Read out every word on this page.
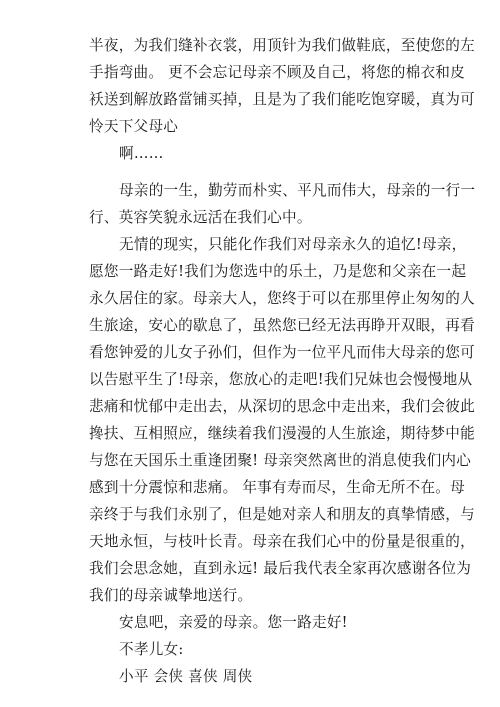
半夜，为我们缝补衣裳，用顶针为我们做鞋底，至使您的左
手指弯曲。 更不会忘记母亲不顾及自己，将您的棉衣和皮
袄送到解放路當铺买掉，且是为了我们能吃饱穿暖，真为可
怜天下父母心
啊……
母亲的一生，勤劳而朴实、平凡而伟大，母亲的一行一
行、英容笑貌永远活在我们心中。
无情的现实，只能化作我们对母亲永久的追忆!母亲，
愿您一路走好!我们为您选中的乐土，乃是您和父亲在一起
永久居住的家。母亲大人，您终于可以在那里停止匆匆的人
生旅途，安心的歇息了，虽然您已经无法再睁开双眼，再看
看您钟爱的儿女子孙们，但作为一位平凡而伟大母亲的您可
以告慰平生了!母亲，您放心的走吧!我们兄妹也会慢慢地从
悲痛和忧郁中走出去，从深切的思念中走出来，我们会彼此
搀扶、互相照应，继续着我们漫漫的人生旅途，期待梦中能
与您在天国乐土重逢团聚! 母亲突然离世的消息使我们内心
感到十分震惊和悲痛。 年事有寿而尽，生命无所不在。母
亲终于与我们永别了，但是她对亲人和朋友的真挚情感，与
天地永恒，与枝叶长青。母亲在我们心中的份量是很重的，
我们会思念她，直到永远! 最后我代表全家再次感谢各位为
我们的母亲诚挚地送行。
安息吧，亲爱的母亲。您一路走好!
不孝儿女:
小平 会侠 喜侠 周侠
